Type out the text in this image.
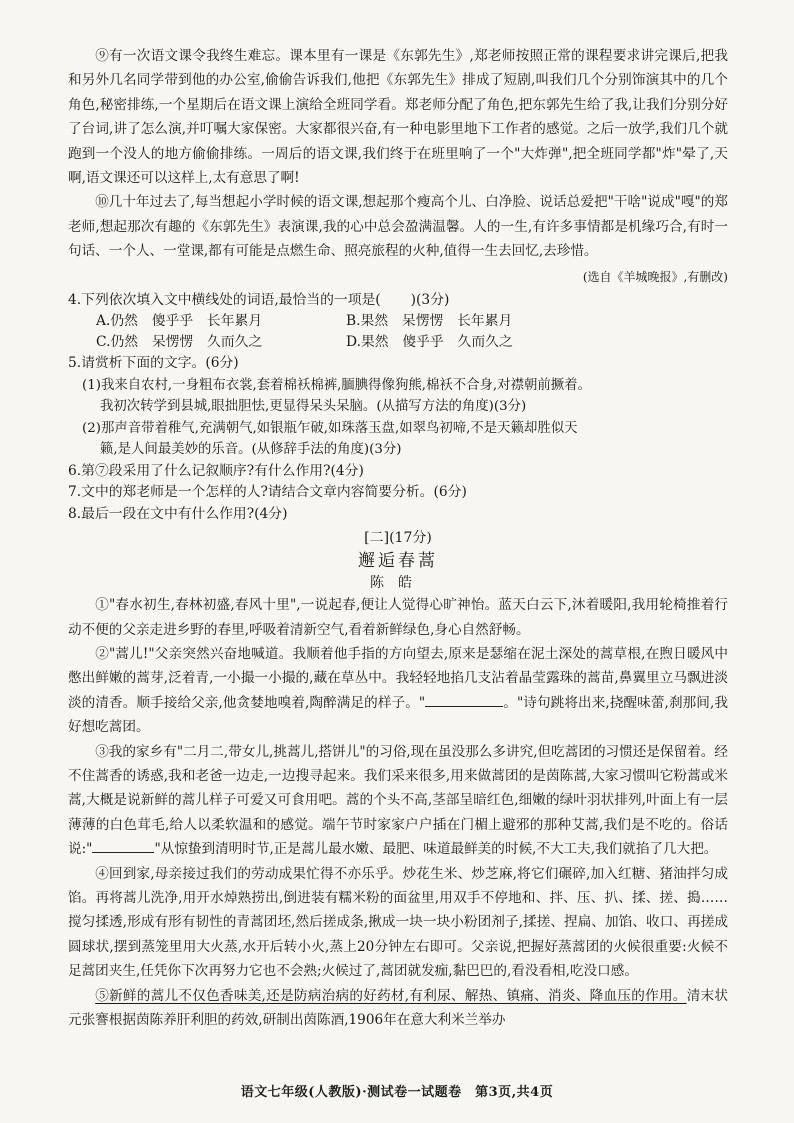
⑨有一次语文课令我终生难忘。课本里有一课是《东郭先生》,郑老师按照正常的课程要求讲完课后,把我和另外几名同学带到他的办公室,偷偷告诉我们,他把《东郭先生》排成了短剧,叫我们几个分别饰演其中的几个角色,秘密排练,一个星期后在语文课上演给全班同学看。郑老师分配了角色,把东郭先生给了我,让我们分别分好了台词,讲了怎么演,并叮嘱大家保密。大家都很兴奋,有一种电影里地下工作者的感觉。之后一放学,我们几个就跑到一个没人的地方偷偷排练。一周后的语文课,我们终于在班里响了一个"大炸弹",把全班同学都"炸"晕了,天啊,语文课还可以这样上,太有意思了啊!

⑩几十年过去了,每当想起小学时候的语文课,想起那个瘦高个儿、白净脸、说话总爱把"干啥"说成"嘎"的郑老师,想起那次有趣的《东郭先生》表演课,我的心中总会盈满温馨。人的一生,有许多事情都是机缘巧合,有时一句话、一个人、一堂课,都有可能是点燃生命、照亮旅程的火种,值得一生去回忆,去珍惜。

(选自《羊城晚报》,有删改)

4.下列依次填入文中横线处的词语,最恰当的一项是( )(3分)

A.仍然　傻乎乎　长年累月	B.果然　呆愣愣　长年累月
C.仍然　呆愣愣　久而久之	D.果然　傻乎乎　久而久之

5.请赏析下面的文字。(6分)

(1)我来自农村,一身粗布衣裳,套着棉袄棉裤,腼腆得像狗熊,棉袄不合身,对襟朝前撅着。
我初次转学到县城,眼拙胆怯,更显得呆头呆脑。(从描写方法的角度)(3分)

(2)那声音带着稚气,充满朝气,如银瓶乍破,如珠落玉盘,如翠鸟初啼,不是天籁却胜似天
籁,是人间最美妙的乐音。(从修辞手法的角度)(3分)

6.第⑦段采用了什么记叙顺序?有什么作用?(4分)

7.文中的郑老师是一个怎样的人?请结合文章内容简要分析。(6分)

8.最后一段在文中有什么作用?(4分)

[二](17分)
邂逅春蒿
陈皓

①"春水初生,春林初盛,春风十里",一说起春,便让人觉得心旷神怡。蓝天白云下,沐着暖阳,我用轮椅推着行动不便的父亲走进乡野的春里,呼吸着清新空气,看着新鲜绿色,身心自然舒畅。

②"蒿儿!"父亲突然兴奋地喊道。我顺着他手指的方向望去,原来是瑟缩在泥土深处的蒿草根,在煦日暖风中憋出鲜嫩的蒿芽,泛着青,一小撮一小撮的,藏在草丛中。我轻轻地掐几支沾着晶莹露珠的蒿苗,鼻翼里立马飘进淡淡的清香。顺手接给父亲,他贪婪地嗅着,陶醉满足的样子。"	。"诗句跳将出来,挠醒味蕾,刹那间,我好想吃蒿团。

③我的家乡有"二月二,带女儿,挑蒿儿,搭饼儿"的习俗,现在虽没那么多讲究,但吃蒿团的习惯还是保留着。经不住蒿香的诱惑,我和老爸一边走,一边搜寻起来。我们采来很多,用来做蒿团的是茵陈蒿,大家习惯叫它粉蒿或米蒿,大概是说新鲜的蒿儿样子可爱又可食用吧。蒿的个头不高,茎部呈暗红色,细嫩的绿叶羽状排列,叶面上有一层薄薄的白色茸毛,给人以柔软温和的感觉。端午节时家家户户插在门楣上避邪的那种艾蒿,我们是不吃的。俗话说:"	"从惊蛰到清明时节,正是蒿儿最水嫩、最肥、味道最鲜美的时候,不大工夫,我们就掐了几大把。

④回到家,母亲接过我们的劳动成果忙得不亦乐乎。炒花生米、炒芝麻,将它们碾碎,加入红糖、猪油拌匀成馅。再将蒿儿洗净,用开水焯熟捞出,倒进装有糯米粉的面盆里,用双手不停地和、拌、压、扒、揉、搓、搗……搅匀揉透,形成有形有韧性的青蒿团坯,然后搓成条,揪成一块一块小粉团剂子,揉搓、捏扁、加馅、收口、再搓成圆球状,摆到蒸笼里用大火蒸,水开后转小火,蒸上20分钟左右即可。父亲说,把握好蒸蒿团的火候很重要:火候不足蒿团夹生,任凭你下次再努力它也不会熟;火候过了,蒿团就发痂,黏巴巴的,看没看相,吃没口感。

⑤新鲜的蒿儿不仅色香味美,还是防病治病的好药材,有利尿、解热、镇痛、消炎、降血压的作用。清末状元张謇根据茵陈养肝利胆的药效,研制出茵陈酒,1906年在意大利米兰举办

语文七年级(人教版)·测试卷一试题卷　第3页,共4页
